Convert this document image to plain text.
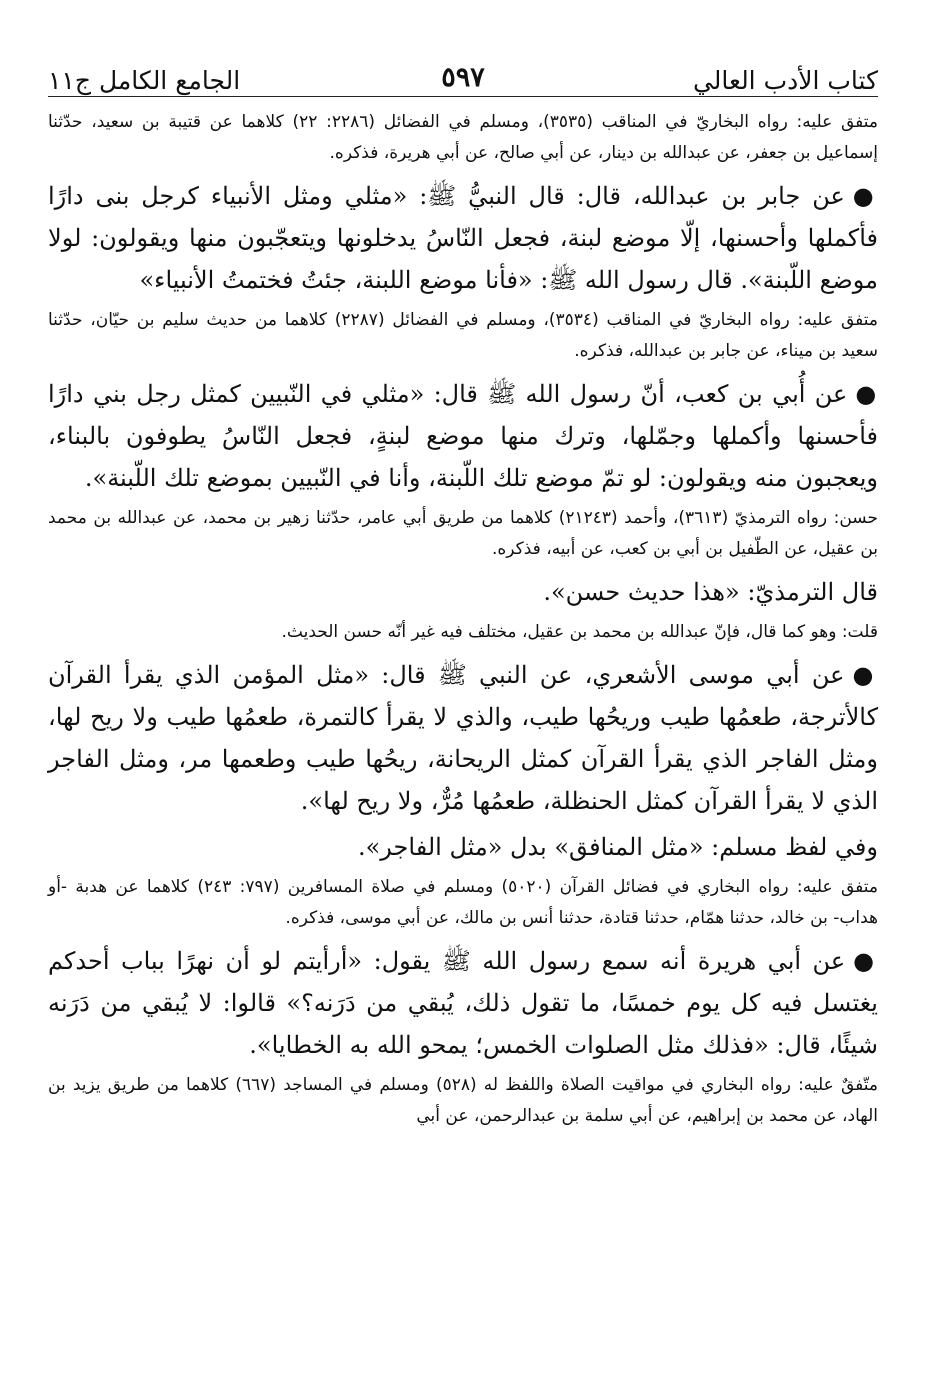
كتاب الأدب العالي
٥٩٧
الجامع الكامل ج١١

متفق عليه: رواه البخاريّ في المناقب (٣٥٣٥)، ومسلم في الفضائل (٢٢٨٦: ٢٢) كلاهما عن قتيبة بن سعيد، حدّثنا إسماعيل بن جعفر، عن عبدالله بن دينار، عن أبي صالح، عن أبي هريرة، فذكره.

●عن جابر بن عبدالله، قال: قال النبيُّ ﷺ: «مثلي ومثل الأنبياء كرجل بنى دارًا فأكملها وأحسنها، إلّا موضع لبنة، فجعل النّاسُ يدخلونها ويتعجّبون منها ويقولون: لولا موضع اللّبنة». قال رسول الله ﷺ: «فأنا موضع اللبنة، جئتُ فختمتُ الأنبياء»

متفق عليه: رواه البخاريّ في المناقب (٣٥٣٤)، ومسلم في الفضائل (٢٢٨٧) كلاهما من حديث سليم بن حيّان، حدّثنا سعيد بن ميناء، عن جابر بن عبدالله، فذكره.

●عن أُبي بن كعب، أنّ رسول الله ﷺ قال: «مثلي في النّبيين كمثل رجل بني دارًا فأحسنها وأكملها وجمّلها، وترك منها موضع لبنةٍ، فجعل النّاسُ يطوفون بالبناء، ويعجبون منه ويقولون: لو تمّ موضع تلك اللّبنة، وأنا في النّبيين بموضع تلك اللّبنة».

حسن: رواه الترمذيّ (٣٦١٣)، وأحمد (٢١٢٤٣) كلاهما من طريق أبي عامر، حدّثنا زهير بن محمد، عن عبدالله بن محمد بن عقيل، عن الطّفيل بن أبي بن كعب، عن أبيه، فذكره.

قال الترمذيّ: «هذا حديث حسن».

قلت: وهو كما قال، فإنّ عبدالله بن محمد بن عقيل، مختلف فيه غير أنّه حسن الحديث.

●عن أبي موسى الأشعري، عن النبي ﷺ قال: «مثل المؤمن الذي يقرأ القرآن كالأترجة، طعمُها طيب وريحُها طيب، والذي لا يقرأ كالتمرة، طعمُها طيب ولا ريح لها، ومثل الفاجر الذي يقرأ القرآن كمثل الريحانة، ريحُها طيب وطعمها مر، ومثل الفاجر الذي لا يقرأ القرآن كمثل الحنظلة، طعمُها مُرٌّ، ولا ريح لها».

وفي لفظ مسلم: «مثل المنافق» بدل «مثل الفاجر».

متفق عليه: رواه البخاري في فضائل القرآن (٥٠٢٠) ومسلم في صلاة المسافرين (٧٩٧: ٢٤٣) كلاهما عن هدبة -أو هداب- بن خالد، حدثنا همّام، حدثنا قتادة، حدثنا أنس بن مالك، عن أبي موسى، فذكره.

●عن أبي هريرة أنه سمع رسول الله ﷺ يقول: «أرأيتم لو أن نهرًا بباب أحدكم يغتسل فيه كل يوم خمسًا، ما تقول ذلك، يُبقي من دَرَنه؟» قالوا: لا يُبقي من دَرَنه شيئًا، قال: «فذلك مثل الصلوات الخمس؛ يمحو الله به الخطايا».

متّفقٌ عليه: رواه البخاري في مواقيت الصلاة واللفظ له (٥٢٨) ومسلم في المساجد (٦٦٧) كلاهما من طريق يزيد بن الهاد، عن محمد بن إبراهيم، عن أبي سلمة بن عبدالرحمن، عن أبي
